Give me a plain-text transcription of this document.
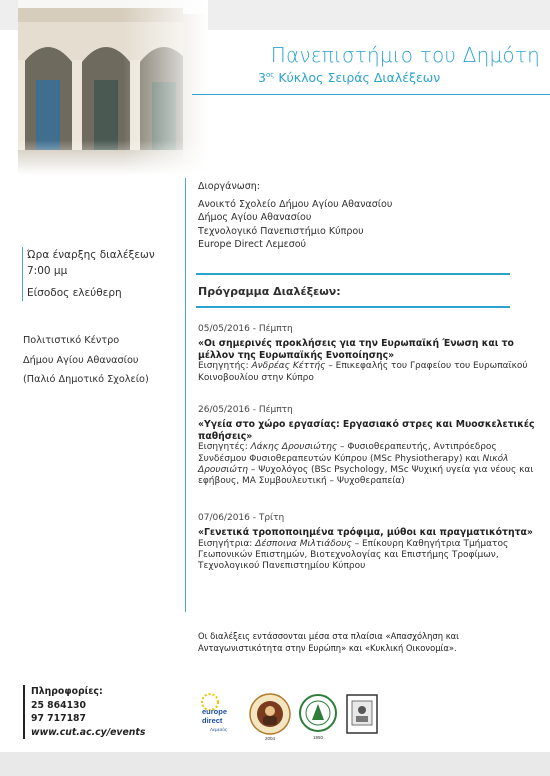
Πανεπιστήμιο του Δημότη
$3^{o\varsigma}$ Κύκλος Σειράς Διαλέξεων
Διοργάνωση:
Ανοικτό Σχολείο Δήμου Αγίου Αθανασίου
Δήμος Αγίου Αθανασίου
Τεχνολογικό Πανεπιστήμιο Κύπρου
Europe Direct Λεμεσού
Ώρα έναρξης διαλέξεων
7:00 μμ
Είσοδος ελεύθερη
Πολιτιστικό Κέντρο
Δήμου Αγίου Αθανασίου
(Παλιό Δημοτικό Σχολείο)
Πρόγραμμα Διαλέξεων:
05/05/2016 - Πέμπτη
«Οι σημερινές προκλήσεις για την Ευρωπαϊκή Ένωση και το μέλλον της Ευρωπαϊκής Ενοποίησης»
Εισηγητής: Ανδρέας Κέττής – Επικεφαλής του Γραφείου του Ευρωπαϊκού Κοινοβουλίου στην Κύπρο
26/05/2016 - Πέμπτη
«Υγεία στο χώρο εργασίας: Εργασιακό στρες και Μυοσκελετικές παθήσεις»
Εισηγητές: Λάκης Δρουσιώτης – Φυσιοθεραπευτής, Αντιπρόεδρος Συνδέσμου Φυσιοθεραπευτών Κύπρου (MSc Physiotherapy) και Νικόλ Δρουσιώτη – Ψυχολόγος (BSc Psychology, MSc Ψυχική υγεία για νέους και εφήβους, MA Συμβουλευτική – Ψυχοθεραπεία)
07/06/2016 - Τρίτη
«Γενετικά τροποποιημένα τρόφιμα, μύθοι και πραγματικότητα»
Εισηγήτρια: Δέσποινα Μιλτιάδους – Επίκουρη Καθηγήτρια Τμήματος Γεωπονικών Επιστημών, Βιοτεχνολογίας και Επιστήμης Τροφίμων, Τεχνολογικού Πανεπιστημίου Κύπρου
Οι διαλέξεις εντάσσονται μέσα στα πλαίσια «Απασχόληση και Ανταγωνιστικότητα στην Ευρώπη» και «Κυκλική Οικονομία».
Πληροφορίες:
25 864130
97 717187
www.cut.ac.cy/events
europe
direct
Λεμεσός
2004	1950
